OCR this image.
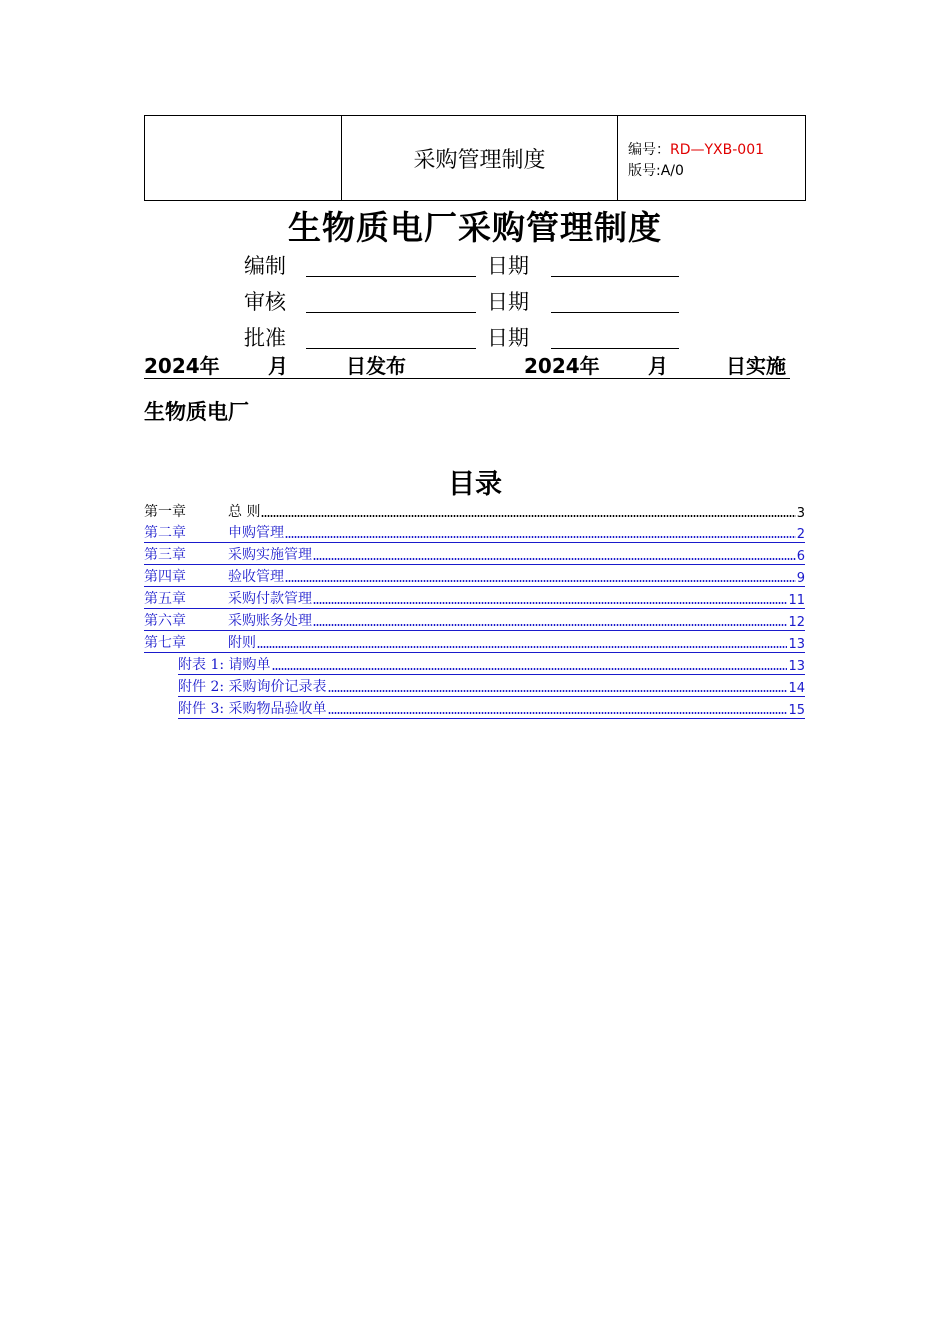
采购管理制度	编号：RD—YXB-001
版号:A/0
生物质电厂采购管理制度
编制	日期
审核	日期
批准	日期
2024年 月	日发布	2024年 月	日实施
生物质电厂
目录
第一章	总 则	3
第二章	申购管理	2
第三章	采购实施管理	6
第四章	验收管理	9
第五章	采购付款管理	11
第六章	采购账务处理	12
第七章	附则	13
附表 1: 请购单	13
附件 2: 采购询价记录表	14
附件 3: 采购物品验收单	15
